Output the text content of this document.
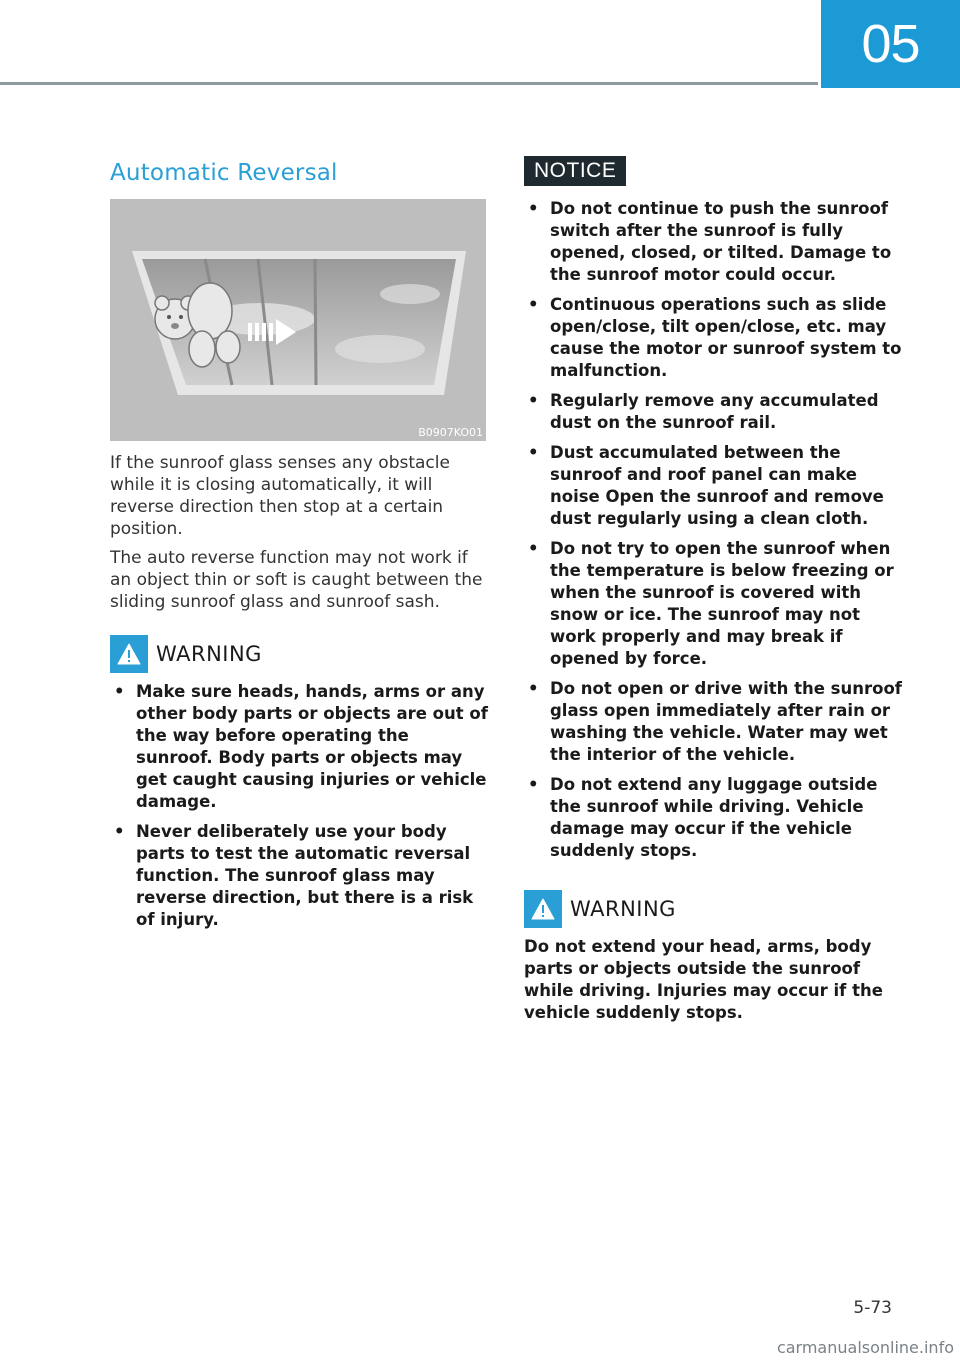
05
Automatic Reversal
B0907KO01

If the sunroof glass senses any obstacle while it is closing automatically, it will reverse direction then stop at a certain position.

The auto reverse function may not work if an object thin or soft is caught between the sliding sunroof glass and sunroof sash.

WARNING
• Make sure heads, hands, arms or any other body parts or objects are out of the way before operating the sunroof. Body parts or objects may get caught causing injuries or vehicle damage.
• Never deliberately use your body parts to test the automatic reversal function. The sunroof glass may reverse direction, but there is a risk of injury.
NOTICE
• Do not continue to push the sunroof switch after the sunroof is fully opened, closed, or tilted. Damage to the sunroof motor could occur.
• Continuous operations such as slide open/close, tilt open/close, etc. may cause the motor or sunroof system to malfunction.
• Regularly remove any accumulated dust on the sunroof rail.
• Dust accumulated between the sunroof and roof panel can make noise Open the sunroof and remove dust regularly using a clean cloth.
• Do not try to open the sunroof when the temperature is below freezing or when the sunroof is covered with snow or ice. The sunroof may not work properly and may break if opened by force.
• Do not open or drive with the sunroof glass open immediately after rain or washing the vehicle. Water may wet the interior of the vehicle.
• Do not extend any luggage outside the sunroof while driving. Vehicle damage may occur if the vehicle suddenly stops.
WARNING

Do not extend your head, arms, body parts or objects outside the sunroof while driving. Injuries may occur if the vehicle suddenly stops.

5-73
carmanualsonline.info
